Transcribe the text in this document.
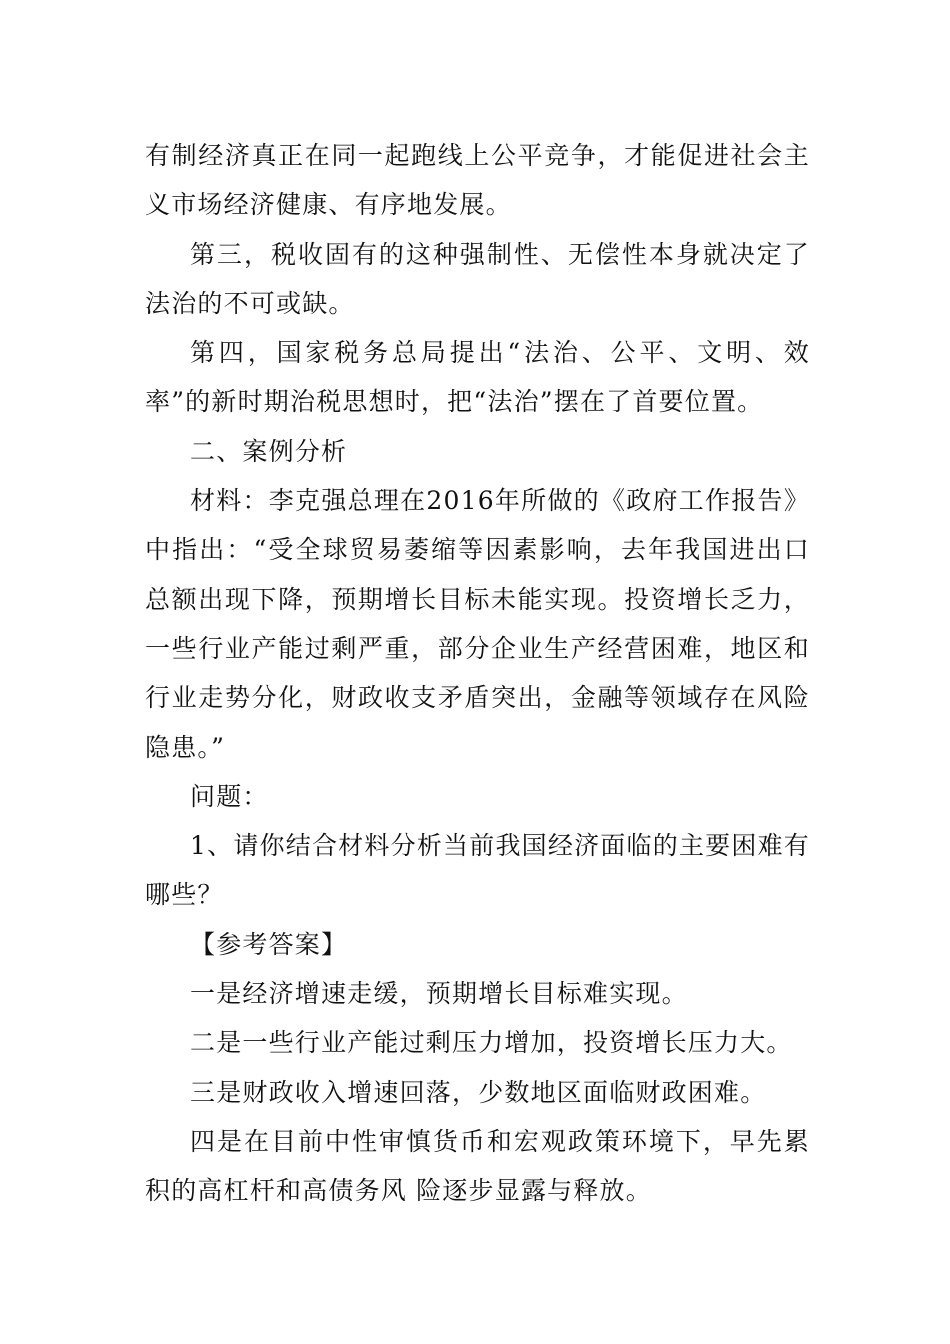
有制经济真正在同一起跑线上公平竞争，才能促进社会主义市场经济健康、有序地发展。

第三，税收固有的这种强制性、无偿性本身就决定了法治的不可或缺。

第四，国家税务总局提出“法治、公平、文明、效率”的新时期治税思想时，把“法治”摆在了首要位置。

二、案例分析

材料：李克强总理在2016年所做的《政府工作报告》中指出：“受全球贸易萎缩等因素影响，去年我国进出口总额出现下降，预期增长目标未能实现。投资增长乏力，一些行业产能过剩严重，部分企业生产经营困难，地区和行业走势分化，财政收支矛盾突出，金融等领域存在风险隐患。”

问题：

1、请你结合材料分析当前我国经济面临的主要困难有哪些？

【参考答案】

一是经济增速走缓，预期增长目标难实现。

二是一些行业产能过剩压力增加，投资增长压力大。

三是财政收入增速回落，少数地区面临财政困难。

四是在目前中性审慎货币和宏观政策环境下，早先累积的高杠杆和高债务风 险逐步显露与释放。
